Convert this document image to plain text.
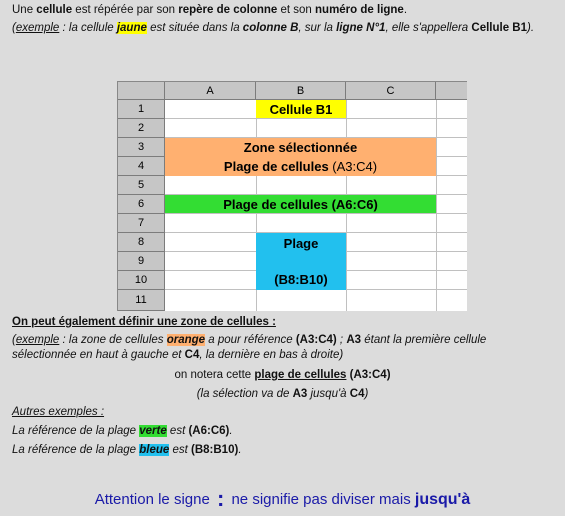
Une cellule est répérée par son repère de colonne et son numéro de ligne.
(exemple : la cellule jaune est située dans la colonne B, sur la ligne N°1, elle s'appellera Cellule B1).
A	B	C
1
2
3
4
5
6
7
8
9
10
11
Cellule B1
Zone sélectionnée
Plage de cellules (A3:C4)
Plage de cellules (A6:C6)
Plage
(B8:B10)
On peut également définir une zone de cellules :
(exemple : la zone de cellules orange a pour référence (A3:C4) ; A3 étant la première cellule
sélectionnée en haut à gauche et C4, la dernière en bas à droite)
on notera cette plage de cellules (A3:C4)
(la sélection va de A3 jusqu'à C4)
Autres exemples :
La référence de la plage verte est (A6:C6).
La référence de la plage bleue est (B8:B10).
Attention le signe : ne signifie pas diviser mais jusqu'à
